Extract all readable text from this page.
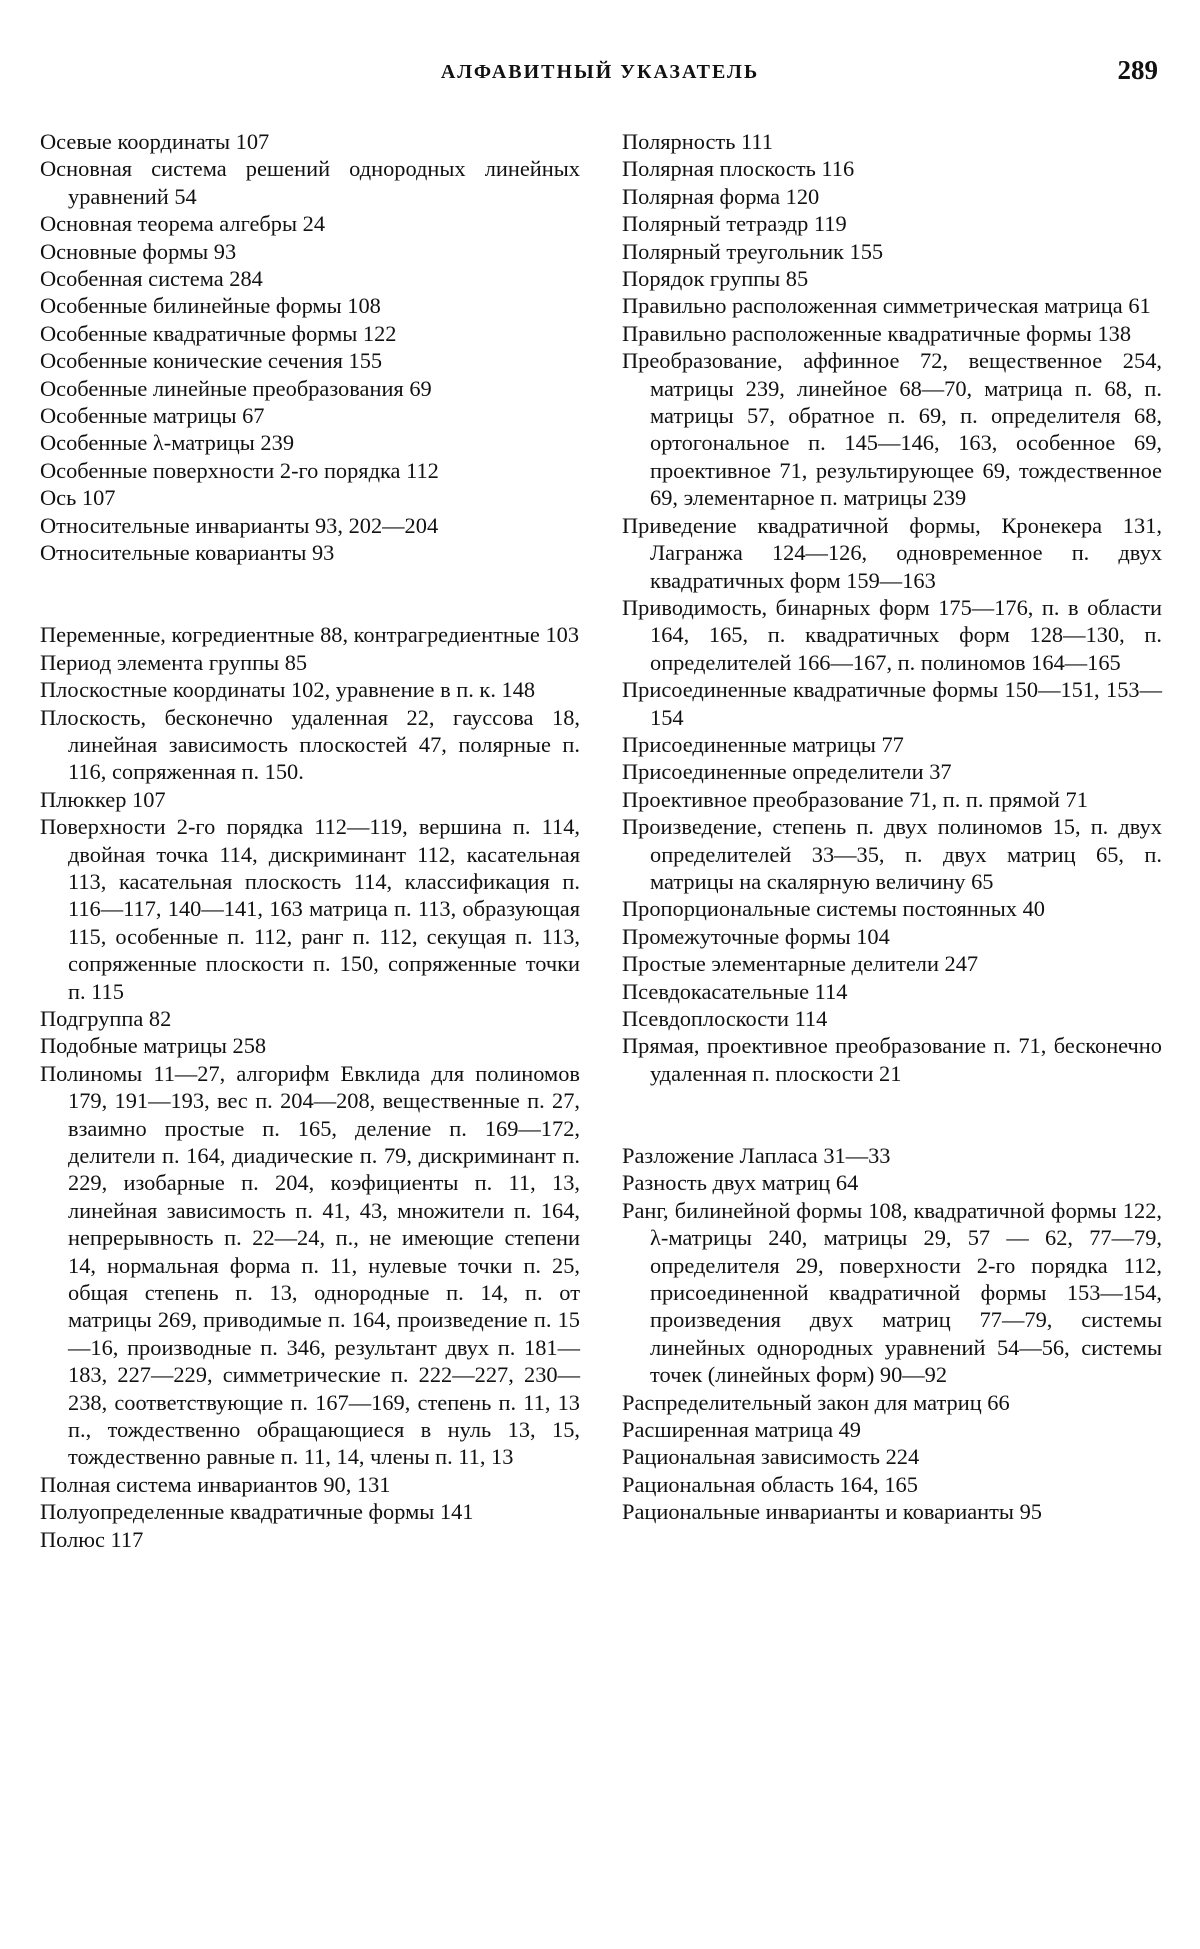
АЛФАВИТНЫЙ УКАЗАТЕЛЬ	289
Осевые координаты 107
Основная система решений однородных линейных уравнений 54
Основная теорема алгебры 24
Основные формы 93
Особенная система 284
Особенные билинейные формы 108
Особенные квадратичные формы 122
Особенные конические сечения 155
Особенные линейные преобразования 69
Особенные матрицы 67
Особенные λ-матрицы 239
Особенные поверхности 2-го порядка 112
Ось 107
Относительные инварианты 93, 202—204
Относительные коварианты 93
Переменные, когредиентные 88, контрагредиентные 103
Период элемента группы 85
Плоскостные координаты 102, уравнение в п. к. 148
Плоскость, бесконечно удаленная 22, гауссова 18, линейная зависимость плоскостей 47, полярные п. 116, сопряженная п. 150.
Плюккер 107
Поверхности 2-го порядка 112—119, вершина п. 114, двойная точка 114, дискриминант 112, касательная 113, касательная плоскость 114, классификация п. 116—117, 140—141, 163 матрица п. 113, образующая 115, особенные п. 112, ранг п. 112, секущая п. 113, сопряженные плоскости п. 150, сопряженные точки п. 115
Подгруппа 82
Подобные матрицы 258
Полиномы 11—27, алгорифм Евклида для полиномов 179, 191—193, вес п. 204—208, вещественные п. 27, взаимно простые п. 165, деление п. 169—172, делители п. 164, диадические п. 79, дискриминант п. 229, изобарные п. 204, коэфициенты п. 11, 13, линейная зависимость п. 41, 43, множители п. 164, непрерывность п. 22—24, п., не имеющие степени 14, нормальная форма п. 11, нулевые точки п. 25, общая степень п. 13, однородные п. 14, п. от матрицы 269, приводимые п. 164, произведение п. 15—16, производные п. 346, результант двух п. 181—183, 227—229, симметрические п. 222—227, 230—238, соответствующие п. 167—169, степень п. 11, 13 п., тождественно обращающиеся в нуль 13, 15, тождественно равные п. 11, 14, члены п. 11, 13
Полная система инвариантов 90, 131
Полуопределенные квадратичные формы 141
Полюс 117
Полярность 111
Полярная плоскость 116
Полярная форма 120
Полярный тетраэдр 119
Полярный треугольник 155
Порядок группы 85
Правильно расположенная симметрическая матрица 61
Правильно расположенные квадратичные формы 138
Преобразование, аффинное 72, вещественное 254, матрицы 239, линейное 68—70, матрица п. 68, п. матрицы 57, обратное п. 69, п. определителя 68, ортогональное п. 145—146, 163, особенное 69, проективное 71, результирующее 69, тождественное 69, элементарное п. матрицы 239
Приведение квадратичной формы, Кронекера 131, Лагранжа 124—126, одновременное п. двух квадратичных форм 159—163
Приводимость, бинарных форм 175—176, п. в области 164, 165, п. квадратичных форм 128—130, п. определителей 166—167, п. полиномов 164—165
Присоединенные квадратичные формы 150—151, 153—154
Присоединенные матрицы 77
Присоединенные определители 37
Проективное преобразование 71, п. п. прямой 71
Произведение, степень п. двух полиномов 15, п. двух определителей 33—35, п. двух матриц 65, п. матрицы на скалярную величину 65
Пропорциональные системы постоянных 40
Промежуточные формы 104
Простые элементарные делители 247
Псевдокасательные 114
Псевдоплоскости 114
Прямая, проективное преобразование п. 71, бесконечно удаленная п. плоскости 21
Разложение Лапласа 31—33
Разность двух матриц 64
Ранг, билинейной формы 108, квадратичной формы 122, λ-матрицы 240, матрицы 29, 57 — 62, 77—79, определителя 29, поверхности 2-го порядка 112, присоединенной квадратичной формы 153—154, произведения двух матриц 77—79, системы линейных однородных уравнений 54—56, системы точек (линейных форм) 90—92
Распределительный закон для матриц 66
Расширенная матрица 49
Рациональная зависимость 224
Рациональная область 164, 165
Рациональные инварианты и коварианты 95
